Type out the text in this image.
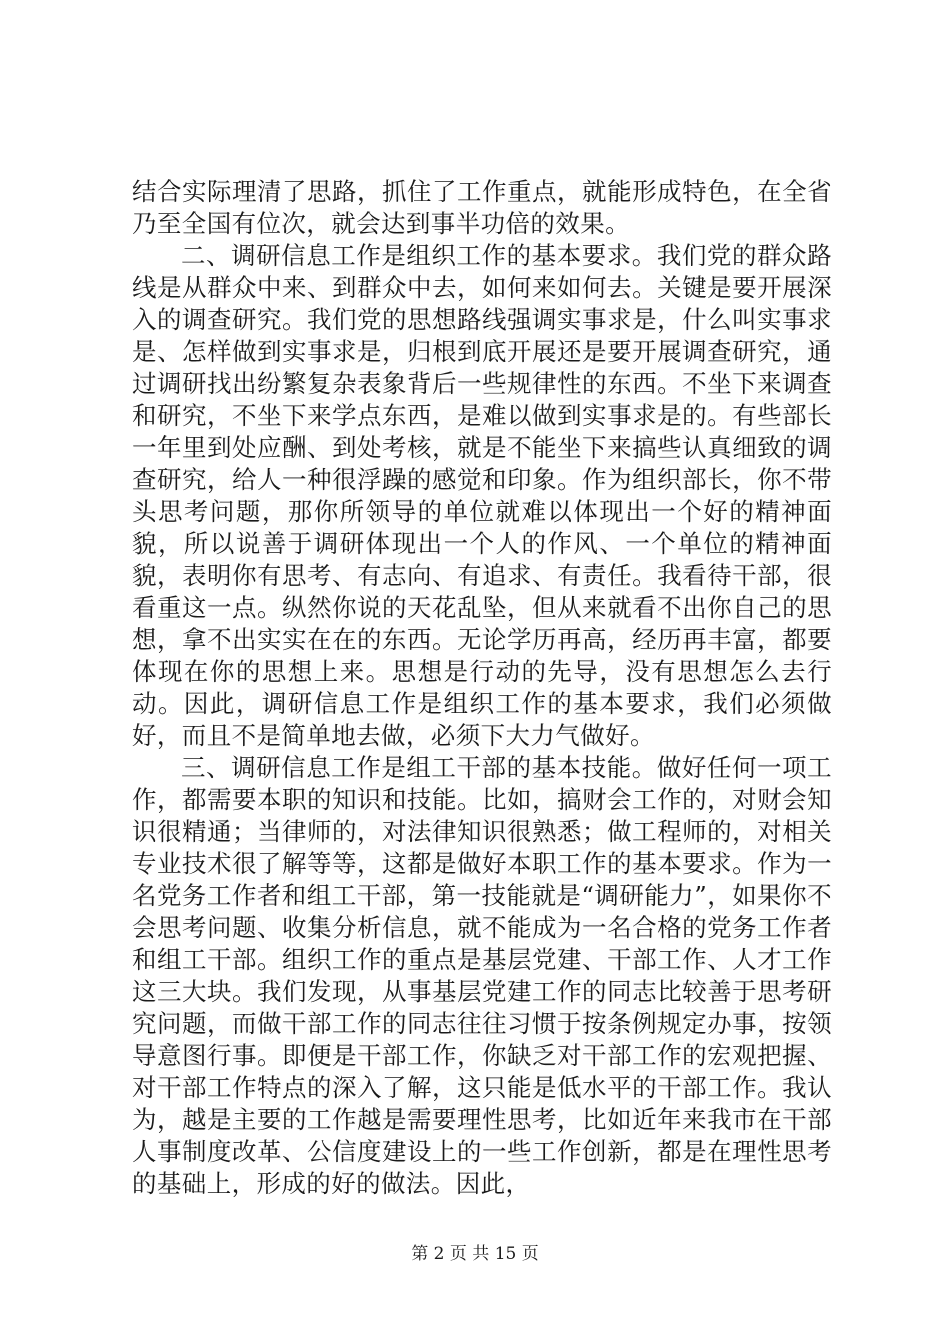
结合实际理清了思路，抓住了工作重点，就能形成特色，在全省乃至全国有位次，就会达到事半功倍的效果。

二、调研信息工作是组织工作的基本要求。我们党的群众路线是从群众中来、到群众中去，如何来如何去。关键是要开展深入的调查研究。我们党的思想路线强调实事求是，什么叫实事求是、怎样做到实事求是，归根到底开展还是要开展调查研究，通过调研找出纷繁复杂表象背后一些规律性的东西。不坐下来调查和研究，不坐下来学点东西，是难以做到实事求是的。有些部长一年里到处应酬、到处考核，就是不能坐下来搞些认真细致的调查研究，给人一种很浮躁的感觉和印象。作为组织部长，你不带头思考问题，那你所领导的单位就难以体现出一个好的精神面貌，所以说善于调研体现出一个人的作风、一个单位的精神面貌，表明你有思考、有志向、有追求、有责任。我看待干部，很看重这一点。纵然你说的天花乱坠，但从来就看不出你自己的思想，拿不出实实在在的东西。无论学历再高，经历再丰富，都要体现在你的思想上来。思想是行动的先导，没有思想怎么去行动。因此，调研信息工作是组织工作的基本要求，我们必须做好，而且不是简单地去做，必须下大力气做好。

三、调研信息工作是组工干部的基本技能。做好任何一项工作，都需要本职的知识和技能。比如，搞财会工作的，对财会知识很精通；当律师的，对法律知识很熟悉；做工程师的，对相关专业技术很了解等等，这都是做好本职工作的基本要求。作为一名党务工作者和组工干部，第一技能就是“调研能力”，如果你不会思考问题、收集分析信息，就不能成为一名合格的党务工作者和组工干部。组织工作的重点是基层党建、干部工作、人才工作这三大块。我们发现，从事基层党建工作的同志比较善于思考研究问题，而做干部工作的同志往往习惯于按条例规定办事，按领导意图行事。即便是干部工作，你缺乏对干部工作的宏观把握、对干部工作特点的深入了解，这只能是低水平的干部工作。我认为，越是主要的工作越是需要理性思考，比如近年来我市在干部人事制度改革、公信度建设上的一些工作创新，都是在理性思考的基础上，形成的好的做法。因此，

第 2 页 共 15 页
